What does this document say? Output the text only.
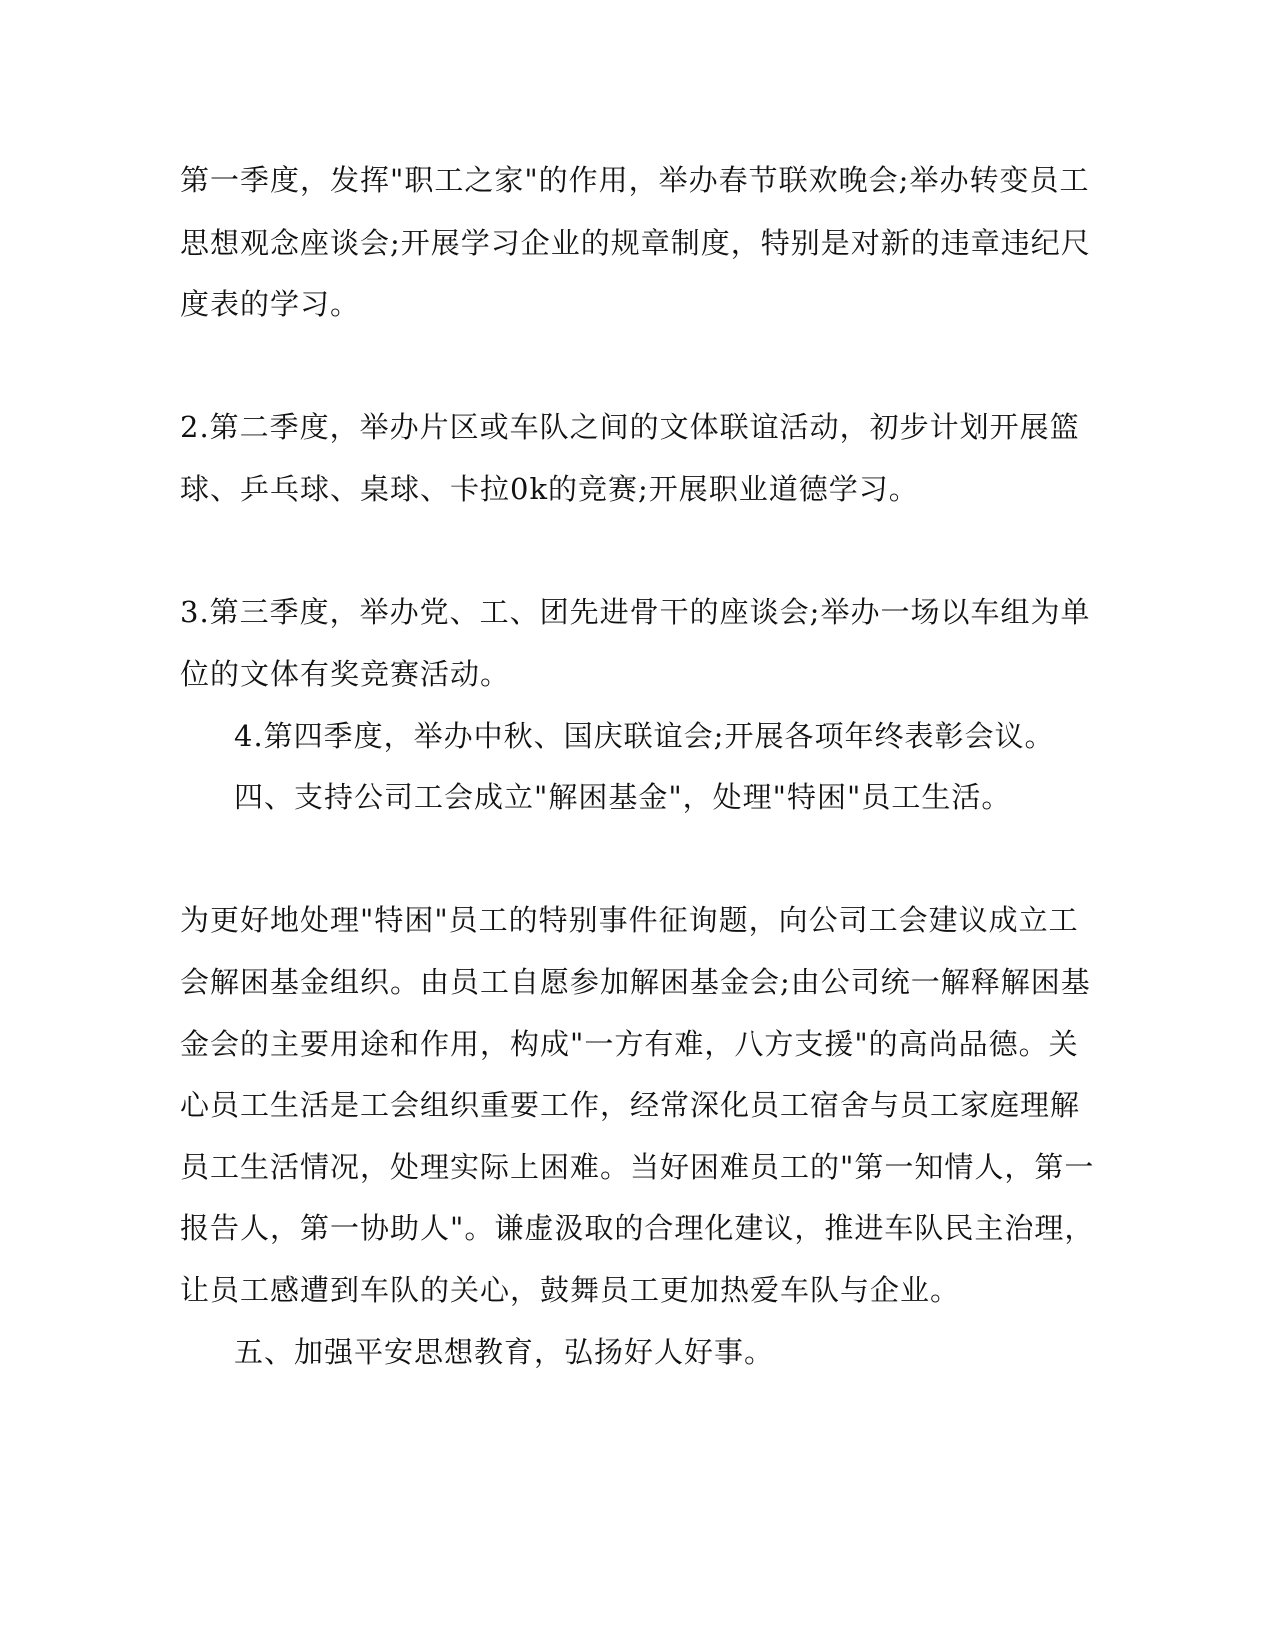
第一季度，发挥"职工之家"的作用，举办春节联欢晚会;举办转变员工
思想观念座谈会;开展学习企业的规章制度，特别是对新的违章违纪尺
度表的学习。
2.第二季度，举办片区或车队之间的文体联谊活动，初步计划开展篮
球、乒乓球、桌球、卡拉0k的竞赛;开展职业道德学习。
3.第三季度，举办党、工、团先进骨干的座谈会;举办一场以车组为单
位的文体有奖竞赛活动。
4.第四季度，举办中秋、国庆联谊会;开展各项年终表彰会议。
四、支持公司工会成立"解困基金"，处理"特困"员工生活。
为更好地处理"特困"员工的特别事件征询题，向公司工会建议成立工
会解困基金组织。由员工自愿参加解困基金会;由公司统一解释解困基
金会的主要用途和作用，构成"一方有难，八方支援"的高尚品德。关
心员工生活是工会组织重要工作，经常深化员工宿舍与员工家庭理解
员工生活情况，处理实际上困难。当好困难员工的"第一知情人，第一
报告人，第一协助人"。谦虚汲取的合理化建议，推进车队民主治理，
让员工感遭到车队的关心，鼓舞员工更加热爱车队与企业。
五、加强平安思想教育，弘扬好人好事。
